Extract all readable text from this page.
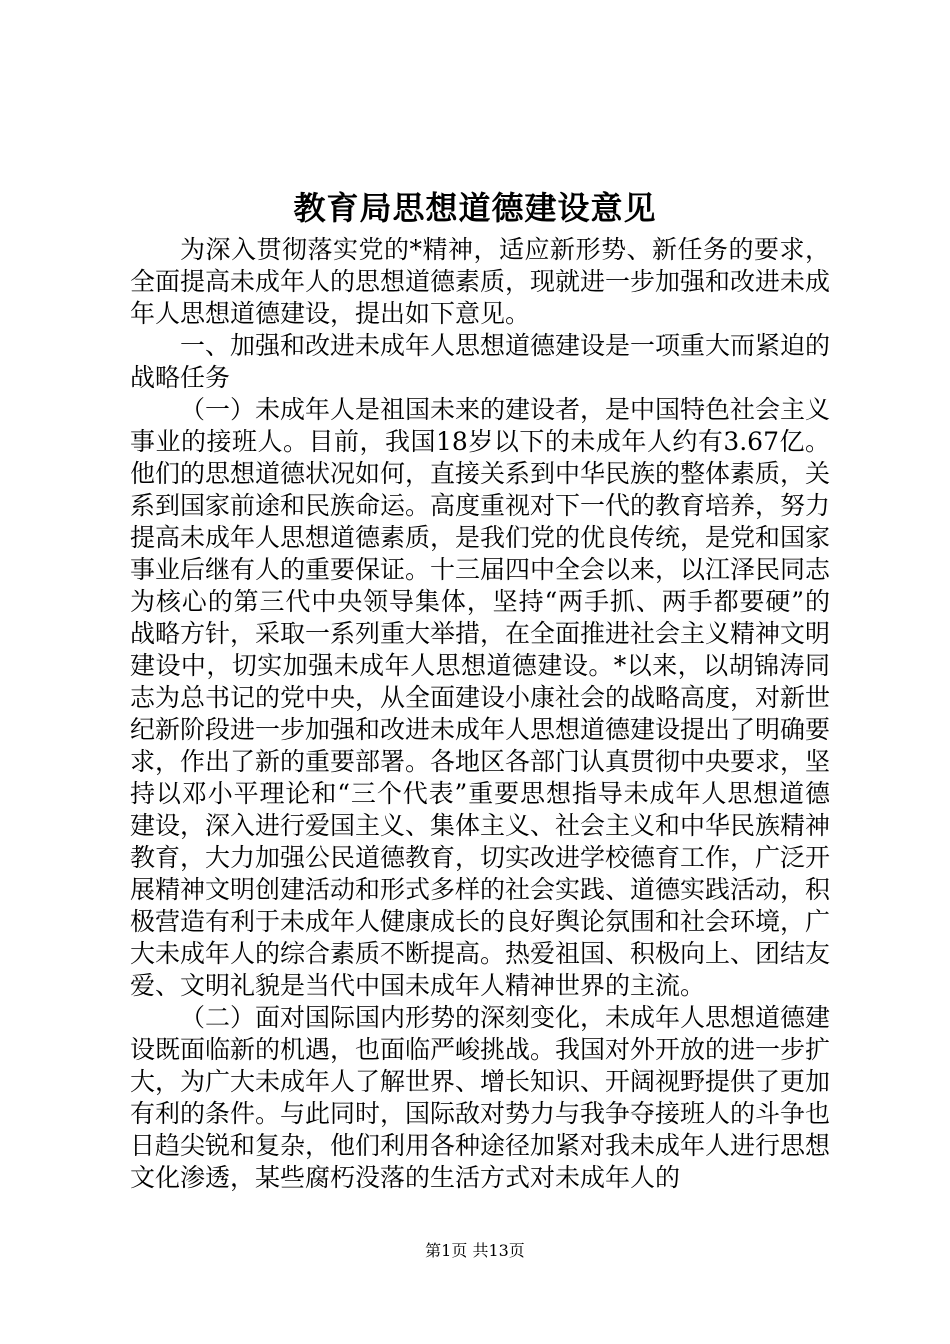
教育局思想道德建设意见

为深入贯彻落实党的*精神，适应新形势、新任务的要求，全面提高未成年人的思想道德素质，现就进一步加强和改进未成年人思想道德建设，提出如下意见。

一、加强和改进未成年人思想道德建设是一项重大而紧迫的战略任务

（一）未成年人是祖国未来的建设者，是中国特色社会主义事业的接班人。目前，我国18岁以下的未成年人约有3.67亿。他们的思想道德状况如何，直接关系到中华民族的整体素质，关系到国家前途和民族命运。高度重视对下一代的教育培养，努力提高未成年人思想道德素质，是我们党的优良传统，是党和国家事业后继有人的重要保证。十三届四中全会以来，以江泽民同志为核心的第三代中央领导集体，坚持“两手抓、两手都要硬”的战略方针，采取一系列重大举措，在全面推进社会主义精神文明建设中，切实加强未成年人思想道德建设。*以来，以胡锦涛同志为总书记的党中央，从全面建设小康社会的战略高度，对新世纪新阶段进一步加强和改进未成年人思想道德建设提出了明确要求，作出了新的重要部署。各地区各部门认真贯彻中央要求，坚持以邓小平理论和“三个代表”重要思想指导未成年人思想道德建设，深入进行爱国主义、集体主义、社会主义和中华民族精神教育，大力加强公民道德教育，切实改进学校德育工作，广泛开展精神文明创建活动和形式多样的社会实践、道德实践活动，积极营造有利于未成年人健康成长的良好舆论氛围和社会环境，广大未成年人的综合素质不断提高。热爱祖国、积极向上、团结友爱、文明礼貌是当代中国未成年人精神世界的主流。

（二）面对国际国内形势的深刻变化，未成年人思想道德建设既面临新的机遇，也面临严峻挑战。我国对外开放的进一步扩大，为广大未成年人了解世界、增长知识、开阔视野提供了更加有利的条件。与此同时，国际敌对势力与我争夺接班人的斗争也日趋尖锐和复杂，他们利用各种途径加紧对我未成年人进行思想文化渗透，某些腐朽没落的生活方式对未成年人的

第1页 共13页
